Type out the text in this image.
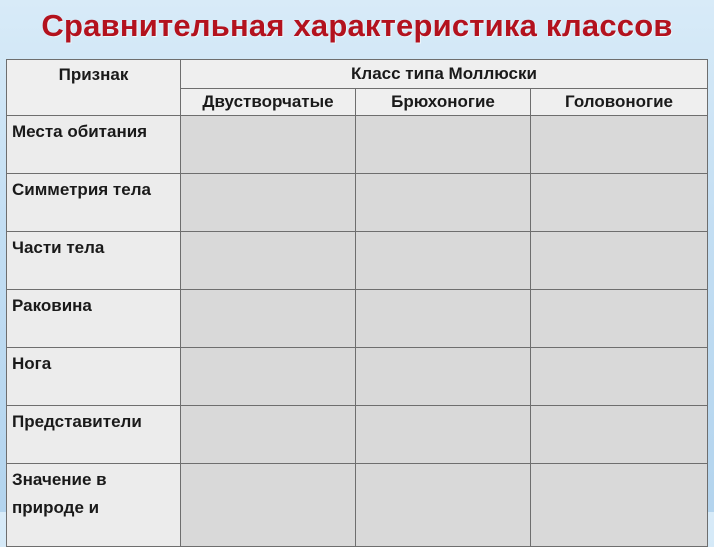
Сравнительная характеристика классов
Признак	Класс типа Моллюски		
	Двустворчатые	Брюхоногие	Головоногие
Места обитания			
Симметрия тела			
Части тела			
Раковина			
Нога			
Представители			
Значение в природе и			
